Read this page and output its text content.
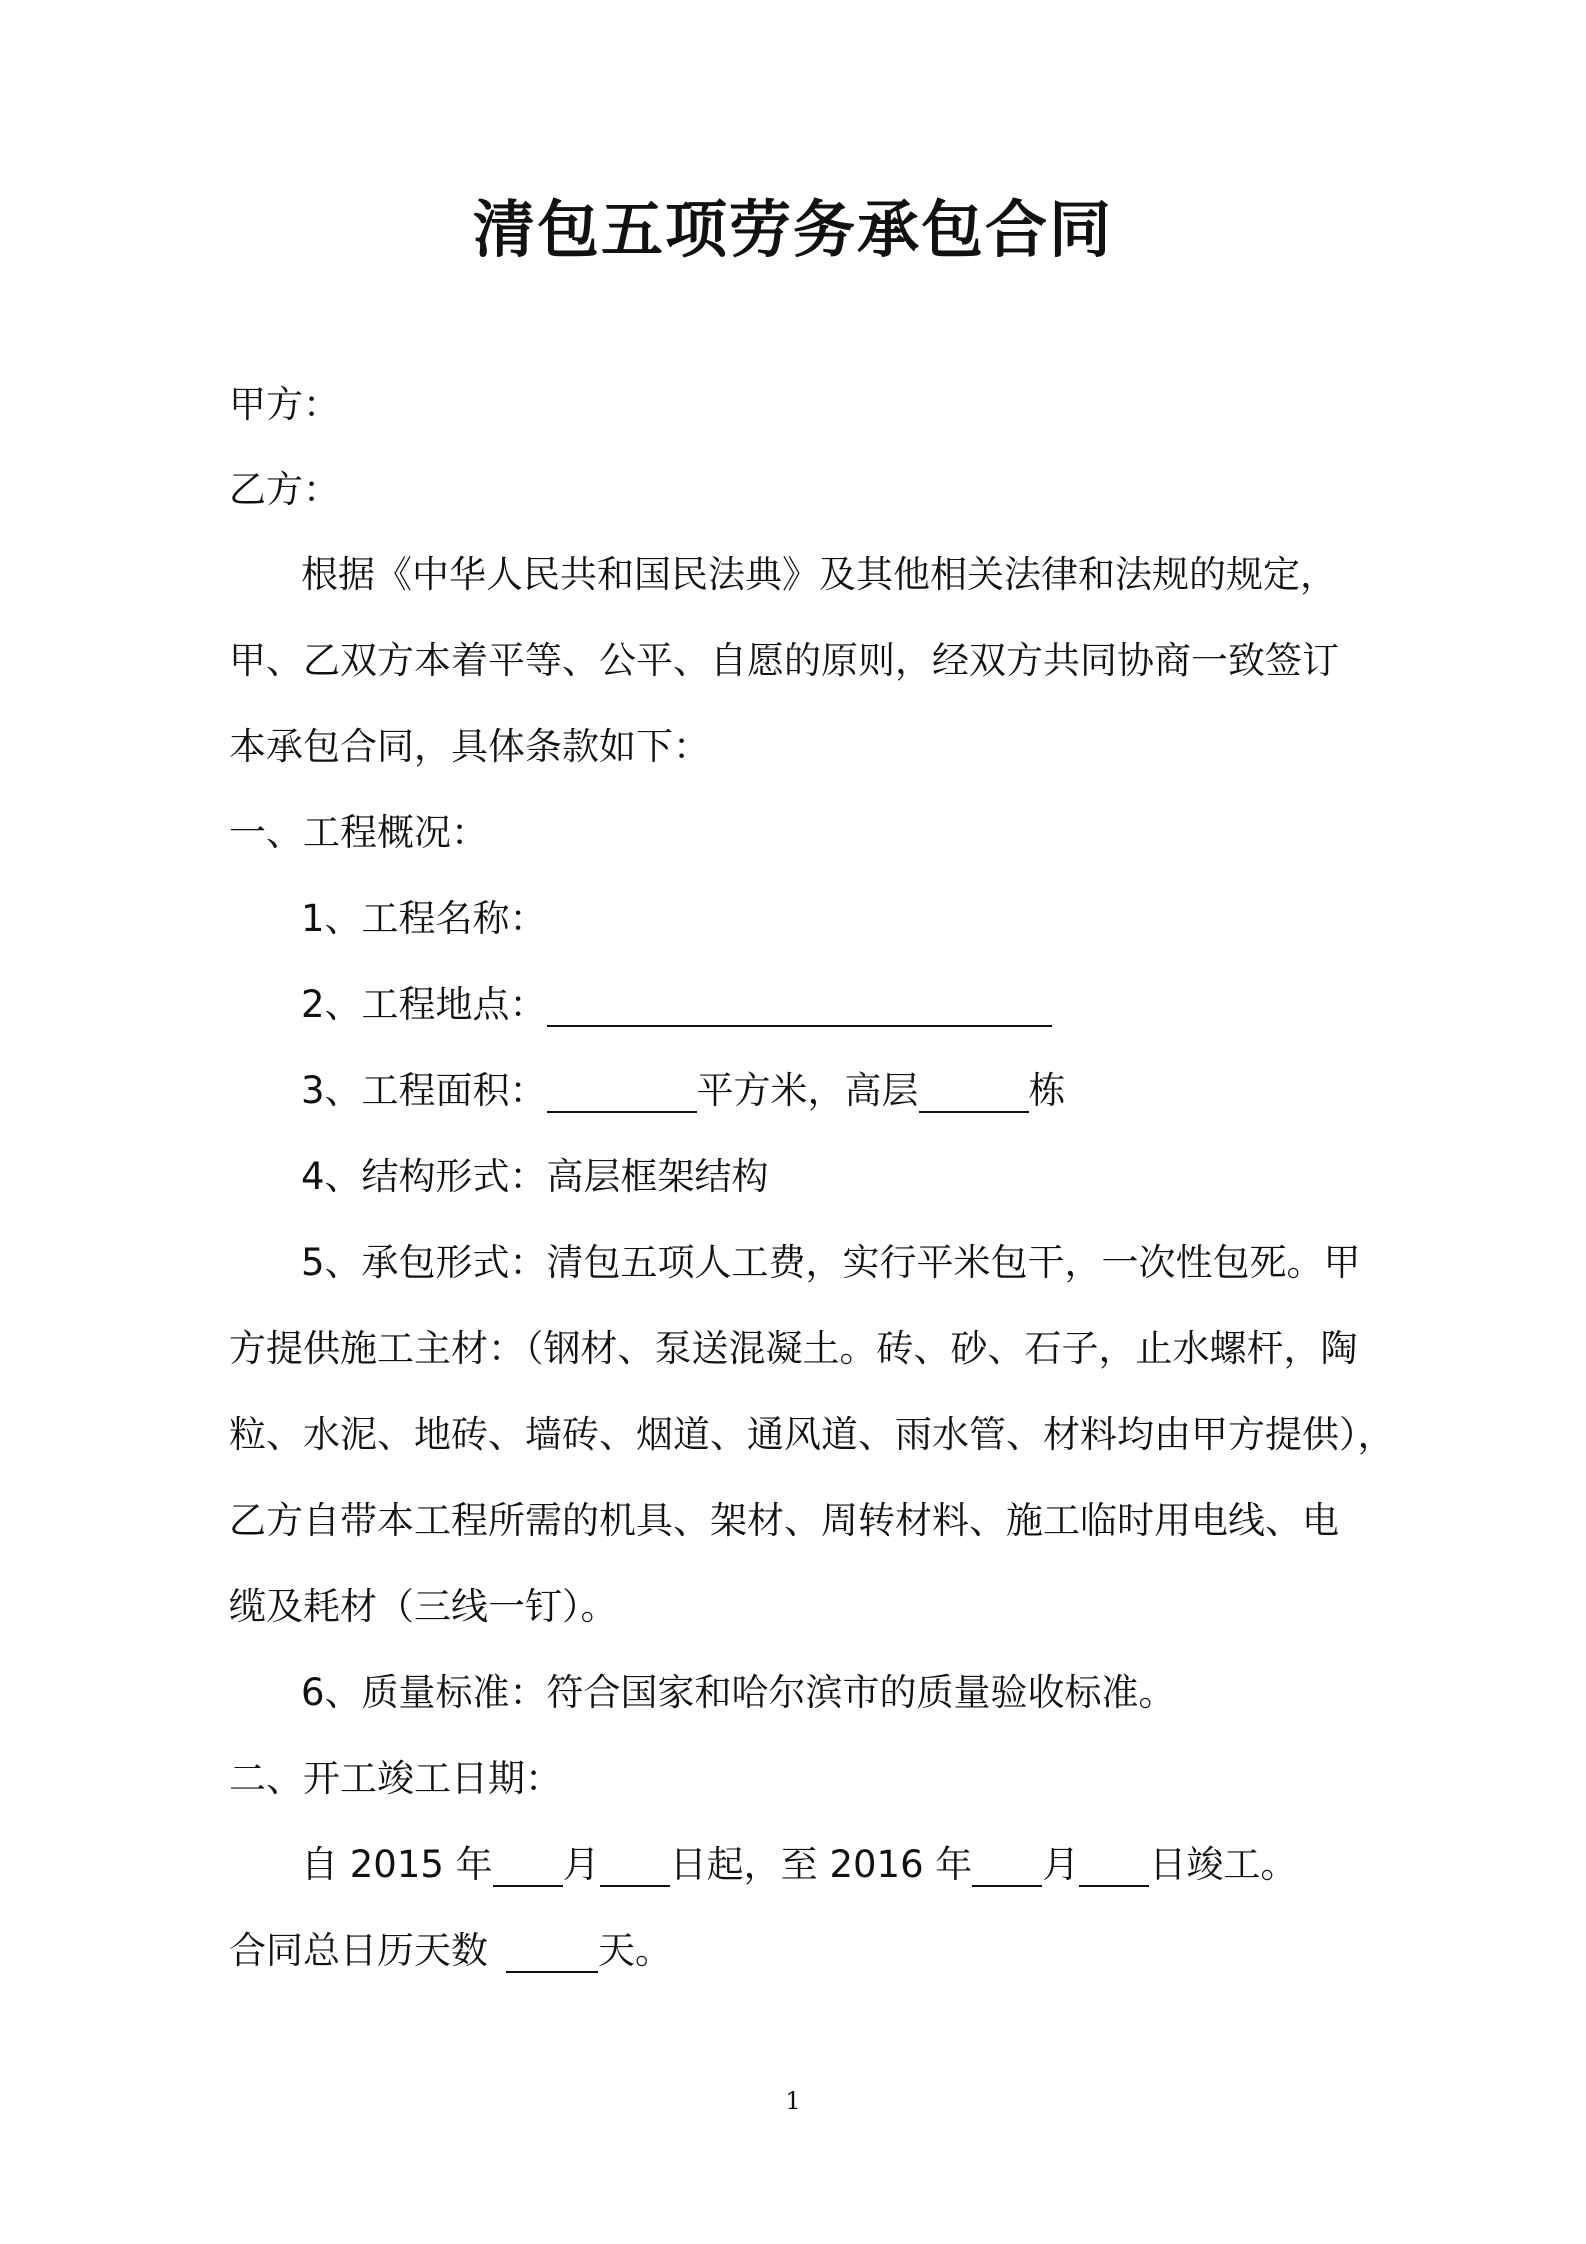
清包五项劳务承包合同
甲方：
乙方：
根据《中华人民共和国民法典》及其他相关法律和法规的规定，
甲、乙双方本着平等、公平、自愿的原则，经双方共同协商一致签订
本承包合同，具体条款如下：
一、工程概况：
1、工程名称：
2、工程地点：
3、工程面积：	平方米，高层	栋
4、结构形式：高层框架结构
5、承包形式：清包五项人工费，实行平米包干，一次性包死。甲
方提供施工主材：（钢材、泵送混凝土。砖、砂、石子，止水螺杆，陶
粒、水泥、地砖、墙砖、烟道、通风道、雨水管、材料均由甲方提供），
乙方自带本工程所需的机具、架材、周转材料、施工临时用电线、电
缆及耗材（三线一钉）。
6、质量标准：符合国家和哈尔滨市的质量验收标准。
二、开工竣工日期：
自 2015 年 月 日起，至 2016 年 月 日竣工。
合同总日历天数	天。
1
